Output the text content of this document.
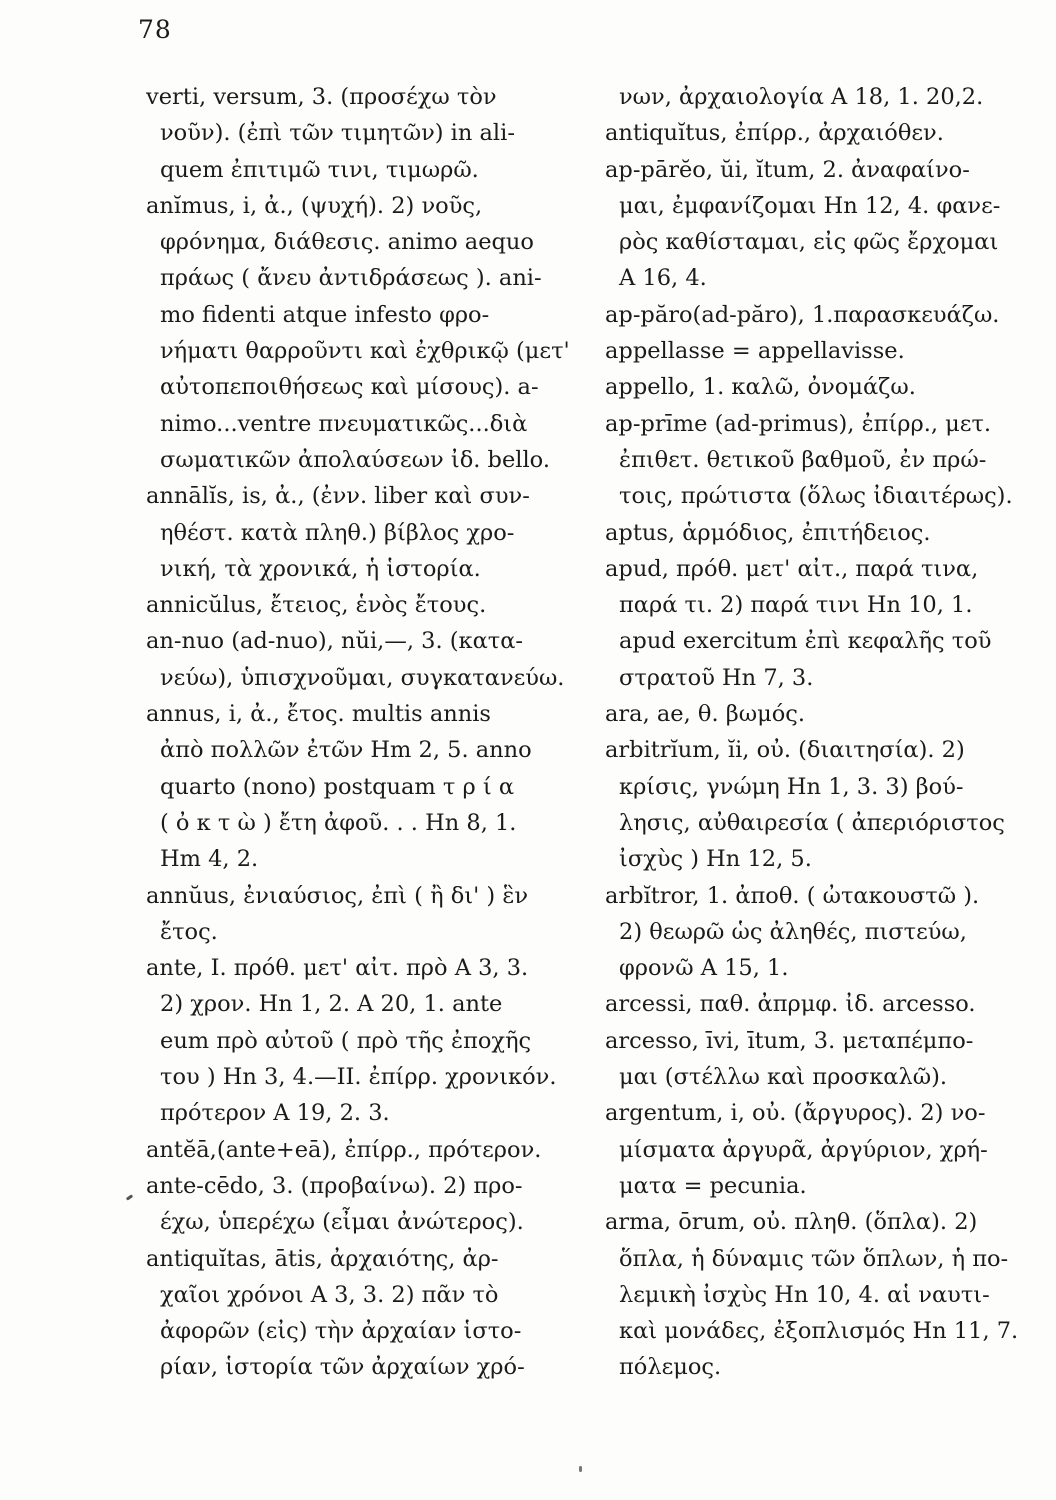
78
verti, versum, 3. (προσέχω τὸν
νοῦν). (ἐπὶ τῶν τιμητῶν) in ali-
quem ἐπιτιμῶ τινι, τιμωρῶ.
anĭmus, i, ἀ., (ψυχή). 2) νοῦς,
φρόνημα, διάθεσις. animo aequo
πράως ( ἄνευ ἀντιδράσεως ). ani-
mo fidenti atque infesto φρο-
νήματι θαρροῦντι καὶ ἐχθρικῷ (μετ'
αὐτοπεποιθήσεως καὶ μίσους). a-
nimo...ventre πνευματικῶς...διὰ
σωματικῶν ἀπολαύσεων ἰδ. bello.
annālĭs, is, ἀ., (ἐνν. liber καὶ συν-
ηθέστ. κατὰ πληθ.) βίβλος χρο-
νική, τὰ χρονικά, ἡ ἱστορία.
annicŭlus, ἔτειος, ἑνὸς ἔτους.
an-nuo (ad-nuo), nŭi,—, 3. (κατα-
νεύω), ὑπισχνοῦμαι, συγκατανεύω.
annus, i, ἀ., ἔτος. multis annis
ἀπὸ πολλῶν ἐτῶν Hm 2, 5. anno
quarto (nono) postquam τ ρ ί α
( ὀ κ τ ὼ ) ἔτη ἀφοῦ. . . Hn 8, 1.
Hm 4, 2.
annŭus, ἐνιαύσιος, ἐπὶ ( ἢ δι' ) ἓν
ἔτος.
ante, I. πρόθ. μετ' αἰτ. πρὸ A 3, 3.
2) χρον. Hn 1, 2. A 20, 1. ante
eum πρὸ αὐτοῦ ( πρὸ τῆς ἐποχῆς
του ) Hn 3, 4.—II. ἐπίρρ. χρονικόν.
πρότερον A 19, 2. 3.
antĕā,(ante+eā), ἐπίρρ., πρότερον.
ante-cēdo, 3. (προβαίνω). 2) προ-
έχω, ὑπερέχω (εἶμαι ἀνώτερος).
antiquĭtas, ātis, ἀρχαιότης, ἀρ-
χαῖοι χρόνοι A 3, 3. 2) πᾶν τὸ
ἀφορῶν (εἰς) τὴν ἀρχαίαν ἱστο-
ρίαν, ἱστορία τῶν ἀρχαίων χρό-
νων, ἀρχαιολογία A 18, 1. 20,2.
antiquĭtus, ἐπίρρ., ἀρχαιόθεν.
ap-pārĕo, ŭi, ĭtum, 2. ἀναφαίνο-
μαι, ἐμφανίζομαι Hn 12, 4. φανε-
ρὸς καθίσταμαι, εἰς φῶς ἔρχομαι
A 16, 4.
ap-păro(ad-păro), 1.παρασκευάζω.
appellasse = appellavisse.
appello, 1. καλῶ, ὀνομάζω.
ap-prīme (ad-primus), ἐπίρρ., μετ.
ἐπιθετ. θετικοῦ βαθμοῦ, ἐν πρώ-
τοις, πρώτιστα (ὅλως ἰδιαιτέρως).
aptus, ἁρμόδιος, ἐπιτήδειος.
apud, πρόθ. μετ' αἰτ., παρά τινα,
παρά τι. 2) παρά τινι Hn 10, 1.
apud exercitum ἐπὶ κεφαλῆς τοῦ
στρατοῦ Hn 7, 3.
ara, ae, θ. βωμός.
arbitrĭum, ĭi, οὐ. (διαιτησία). 2)
κρίσις, γνώμη Hn 1, 3. 3) βού-
λησις, αὐθαιρεσία ( ἀπεριόριστος
ἰσχὺς ) Hn 12, 5.
arbĭtror, 1. ἀποθ. ( ὠτακουστῶ ).
2) θεωρῶ ὡς ἀληθές, πιστεύω,
φρονῶ A 15, 1.
arcessi, παθ. ἀπρμφ. ἰδ. arcesso.
arcesso, īvi, ītum, 3. μεταπέμπο-
μαι (στέλλω καὶ προσκαλῶ).
argentum, i, οὐ. (ἄργυρος). 2) νο-
μίσματα ἀργυρᾶ, ἀργύριον, χρή-
ματα = pecunia.
arma, ōrum, οὐ. πληθ. (ὅπλα). 2)
ὅπλα, ἡ δύναμις τῶν ὅπλων, ἡ πο-
λεμικὴ ἰσχὺς Hn 10, 4. αἱ ναυτι-
καὶ μονάδες, ἐξοπλισμός Hn 11, 7.
πόλεμος.
